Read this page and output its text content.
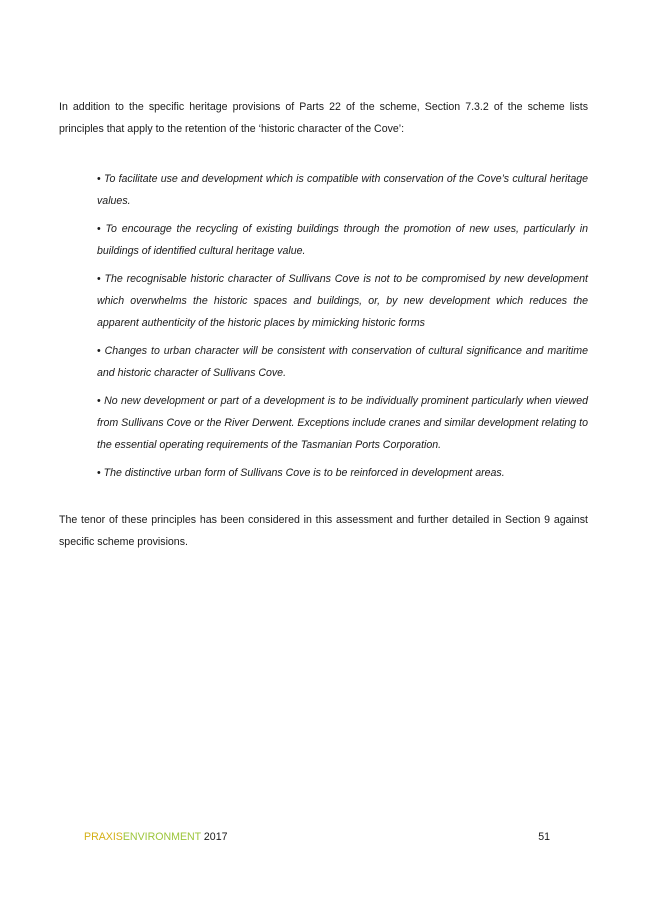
In addition to the specific heritage provisions of Parts 22 of the scheme, Section 7.3.2 of the scheme lists principles that apply to the retention of the ‘historic character of the Cove’:

• To facilitate use and development which is compatible with conservation of the Cove’s cultural heritage values.
• To encourage the recycling of existing buildings through the promotion of new uses, particularly in buildings of identified cultural heritage value.
• The recognisable historic character of Sullivans Cove is not to be compromised by new development which overwhelms the historic spaces and buildings, or, by new development which reduces the apparent authenticity of the historic places by mimicking historic forms
• Changes to urban character will be consistent with conservation of cultural significance and maritime and historic character of Sullivans Cove.
• No new development or part of a development is to be individually prominent particularly when viewed from Sullivans Cove or the River Derwent. Exceptions include cranes and similar development relating to the essential operating requirements of the Tasmanian Ports Corporation.
• The distinctive urban form of Sullivans Cove is to be reinforced in development areas.

The tenor of these principles has been considered in this assessment and further detailed in Section 9 against specific scheme provisions.

PRAXISENVIRONMENT 2017	51
